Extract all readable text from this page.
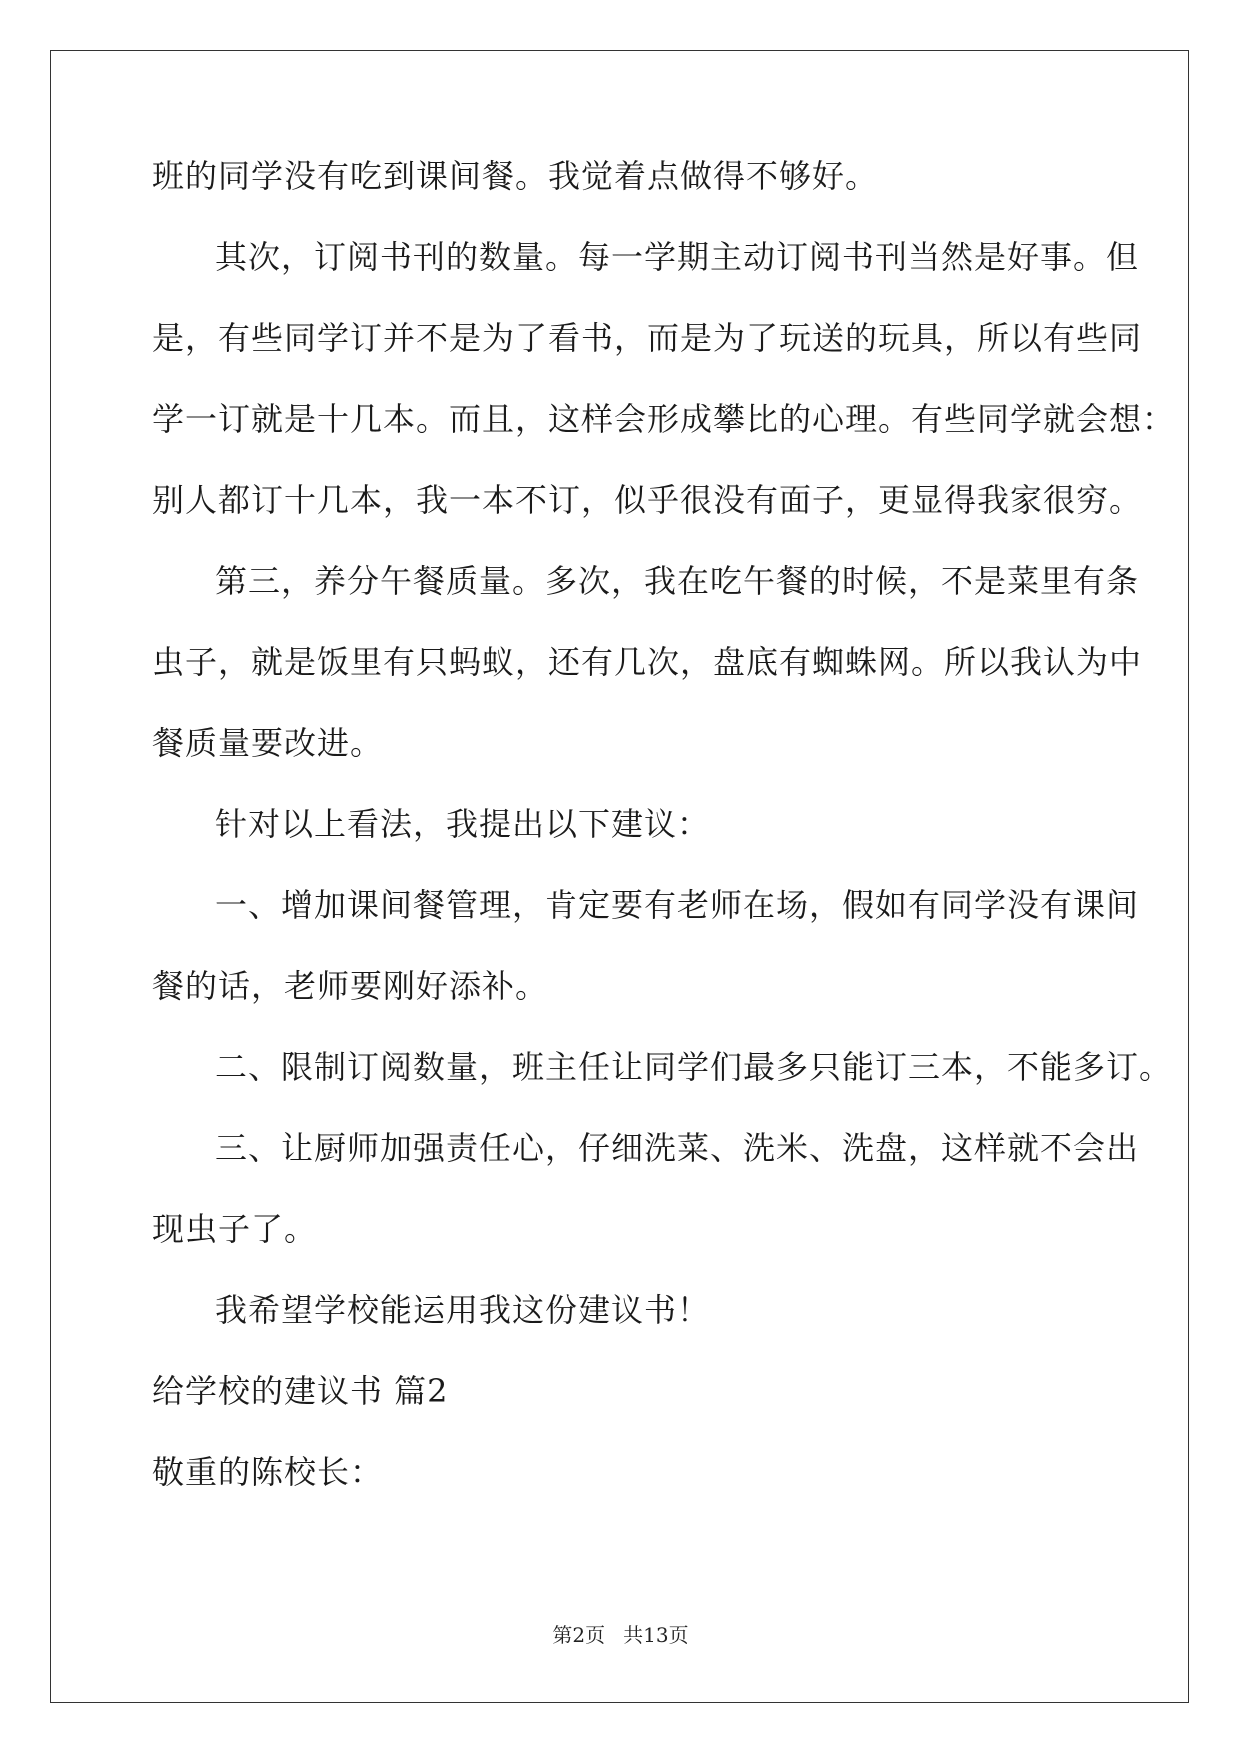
班的同学没有吃到课间餐。我觉着点做得不够好。
其次，订阅书刊的数量。每一学期主动订阅书刊当然是好事。但
是，有些同学订并不是为了看书，而是为了玩送的玩具，所以有些同
学一订就是十几本。而且，这样会形成攀比的心理。有些同学就会想：
别人都订十几本，我一本不订，似乎很没有面子，更显得我家很穷。
第三，养分午餐质量。多次，我在吃午餐的时候，不是菜里有条
虫子，就是饭里有只蚂蚁，还有几次，盘底有蜘蛛网。所以我认为中
餐质量要改进。
针对以上看法，我提出以下建议：
一、增加课间餐管理，肯定要有老师在场，假如有同学没有课间
餐的话，老师要刚好添补。
二、限制订阅数量，班主任让同学们最多只能订三本，不能多订。
三、让厨师加强责任心，仔细洗菜、洗米、洗盘，这样就不会出
现虫子了。
我希望学校能运用我这份建议书！
给学校的建议书 篇2
敬重的陈校长：
第2页 共13页
